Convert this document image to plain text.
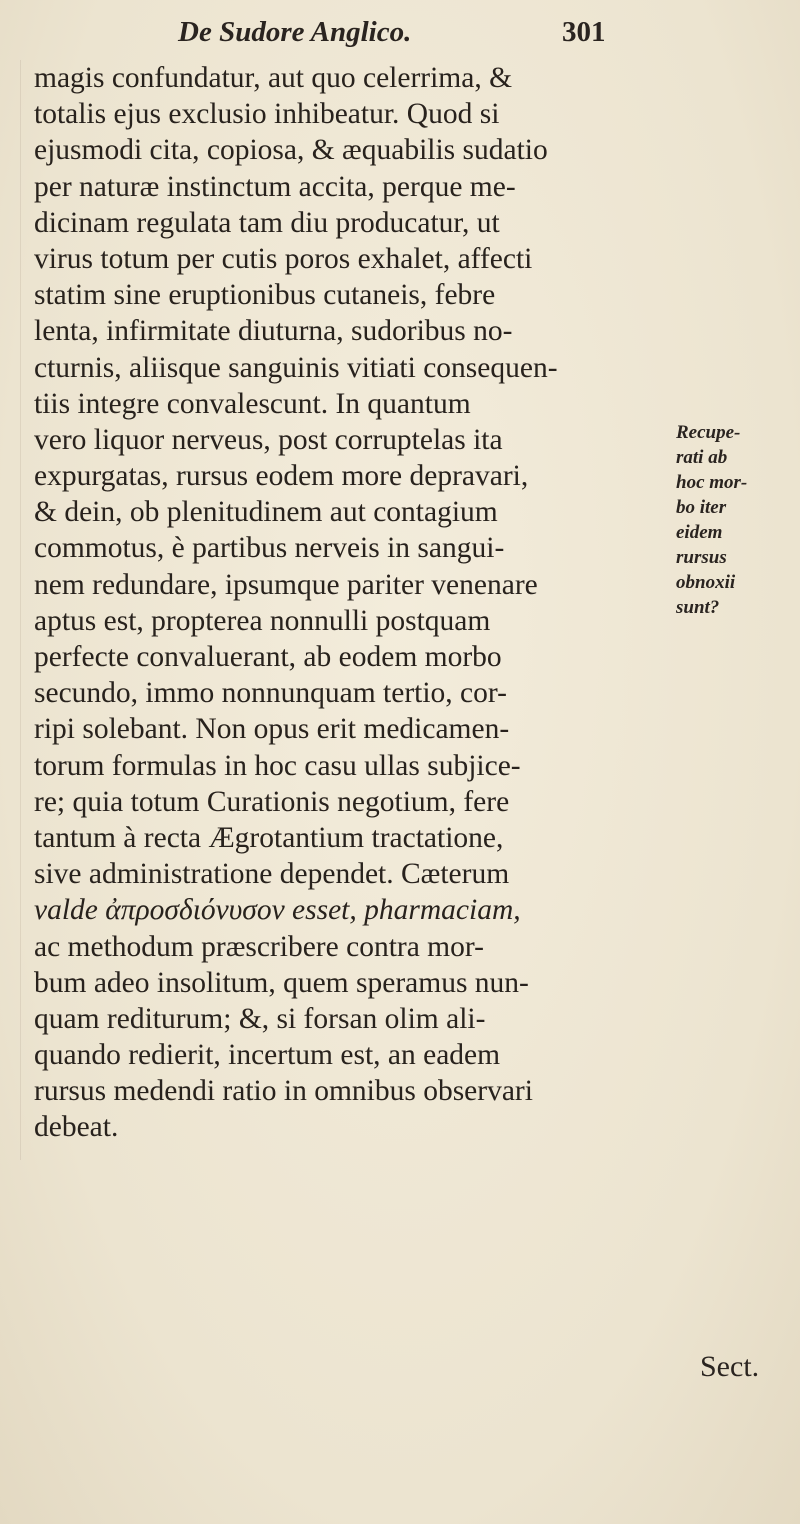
De Sudore Anglico.	301
magis confundatur, aut quo celerrima, &
totalis ejus exclusio inhibeatur. Quod si
ejusmodi cita, copiosa, & æquabilis sudatio
per naturæ instinctum accita, perque me-
dicinam regulata tam diu producatur, ut
virus totum per cutis poros exhalet, affecti
statim sine eruptionibus cutaneis, febre
lenta, infirmitate diuturna, sudoribus no-
cturnis, aliisque sanguinis vitiati consequen-
tiis integre convalescunt. In quantum
vero liquor nerveus, post corruptelas ita
expurgatas, rursus eodem more depravari,
& dein, ob plenitudinem aut contagium
commotus, è partibus nerveis in sangui-
nem redundare, ipsumque pariter venenare
aptus est, propterea nonnulli postquam
perfecte convaluerant, ab eodem morbo
secundo, immo nonnunquam tertio, cor-
ripi solebant. Non opus erit medicamen-
torum formulas in hoc casu ullas subjice-
re; quia totum Curationis negotium, fere
tantum à recta Ægrotantium tractatione,
sive administratione dependet. Cæterum
valde ἀπροσδιόνυσον esset, pharmaciam,
ac methodum præscribere contra mor-
bum adeo insolitum, quem speramus nun-
quam rediturum; &, si forsan olim ali-
quando redierit, incertum est, an eadem
rursus medendi ratio in omnibus observari
debeat.
Recupe-
rati ab
hoc mor-
bo iter
eidem
rursus
obnoxii
sunt?
Sect.
